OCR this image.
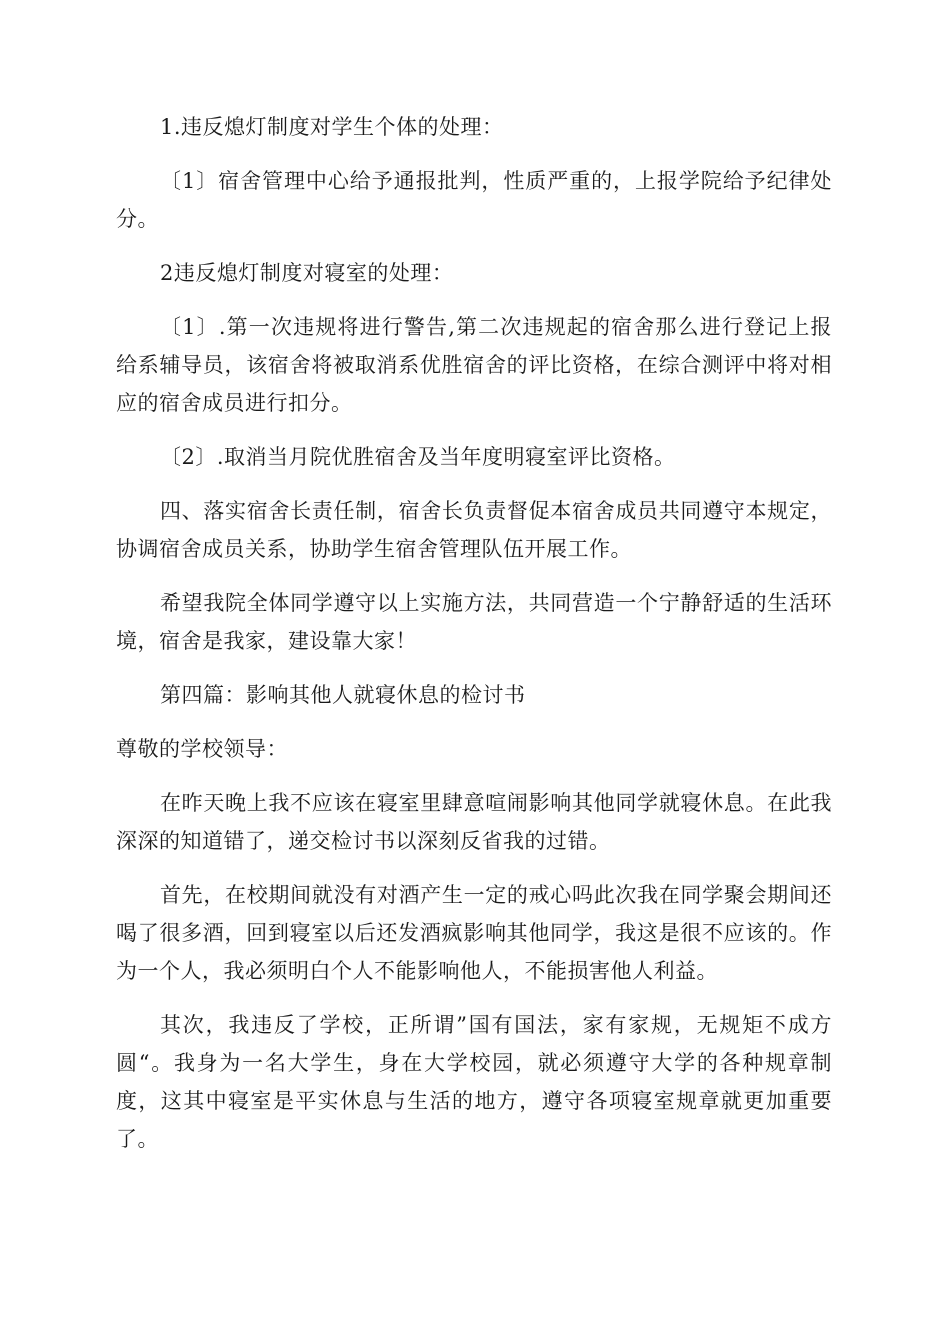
1.违反熄灯制度对学生个体的处理：

〔1〕宿舍管理中心给予通报批判，性质严重的，上报学院给予纪律处分。

2违反熄灯制度对寝室的处理：

〔1〕.第一次违规将进行警告,第二次违规起的宿舍那么进行登记上报给系辅导员，该宿舍将被取消系优胜宿舍的评比资格，在综合测评中将对相应的宿舍成员进行扣分。

〔2〕.取消当月院优胜宿舍及当年度明寝室评比资格。

四、落实宿舍长责任制，宿舍长负责督促本宿舍成员共同遵守本规定，协调宿舍成员关系，协助学生宿舍管理队伍开展工作。

希望我院全体同学遵守以上实施方法，共同营造一个宁静舒适的生活环境，宿舍是我家，建设靠大家！

第四篇：影响其他人就寝休息的检讨书

尊敬的学校领导：

在昨天晚上我不应该在寝室里肆意喧闹影响其他同学就寝休息。在此我深深的知道错了，递交检讨书以深刻反省我的过错。

首先，在校期间就没有对酒产生一定的戒心吗此次我在同学聚会期间还喝了很多酒，回到寝室以后还发酒疯影响其他同学，我这是很不应该的。作为一个人，我必须明白个人不能影响他人，不能损害他人利益。

其次，我违反了学校，正所谓”国有国法，家有家规，无规矩不成方圆“。我身为一名大学生，身在大学校园，就必须遵守大学的各种规章制度，这其中寝室是平实休息与生活的地方，遵守各项寝室规章就更加重要了。
